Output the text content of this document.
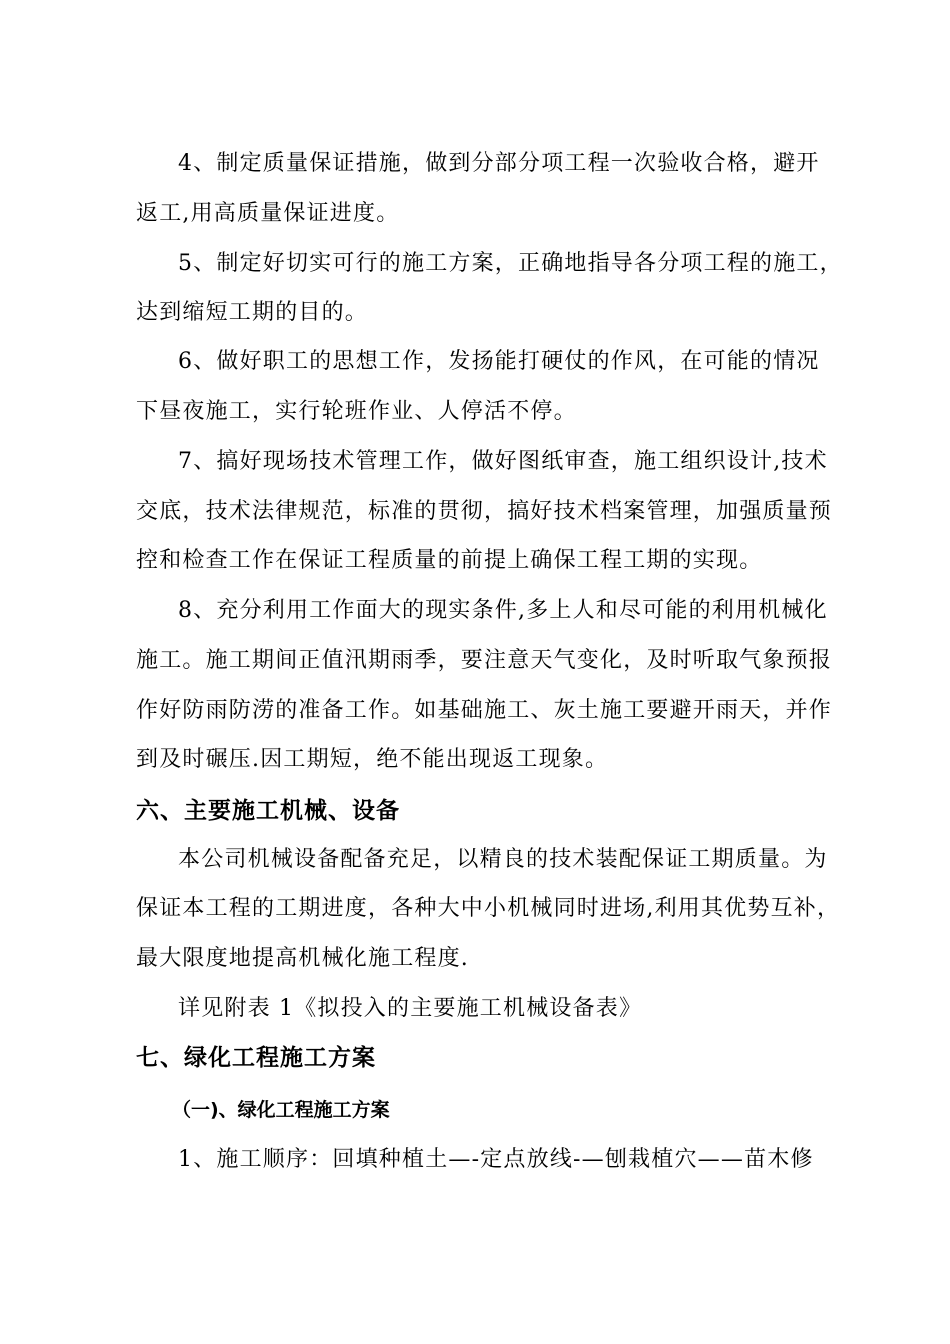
4、制定质量保证措施，做到分部分项工程一次验收合格，避开
返工,用高质量保证进度。
5、制定好切实可行的施工方案，正确地指导各分项工程的施工，
达到缩短工期的目的。
6、做好职工的思想工作，发扬能打硬仗的作风，在可能的情况
下昼夜施工，实行轮班作业、人停活不停。
7、搞好现场技术管理工作，做好图纸审查，施工组织设计,技术
交底，技术法律规范，标准的贯彻，搞好技术档案管理，加强质量预
控和检查工作在保证工程质量的前提上确保工程工期的实现。
8、充分利用工作面大的现实条件,多上人和尽可能的利用机械化
施工。施工期间正值汛期雨季，要注意天气变化，及时听取气象预报
作好防雨防涝的准备工作。如基础施工、灰土施工要避开雨天，并作
到及时碾压.因工期短，绝不能出现返工现象。
六、主要施工机械、设备
本公司机械设备配备充足，以精良的技术装配保证工期质量。为
保证本工程的工期进度，各种大中小机械同时进场,利用其优势互补，
最大限度地提高机械化施工程度.
详见附表 1《拟投入的主要施工机械设备表》
七、绿化工程施工方案
（一)、绿化工程施工方案
1、施工顺序：回填种植土—-定点放线-—刨栽植穴——苗木修
